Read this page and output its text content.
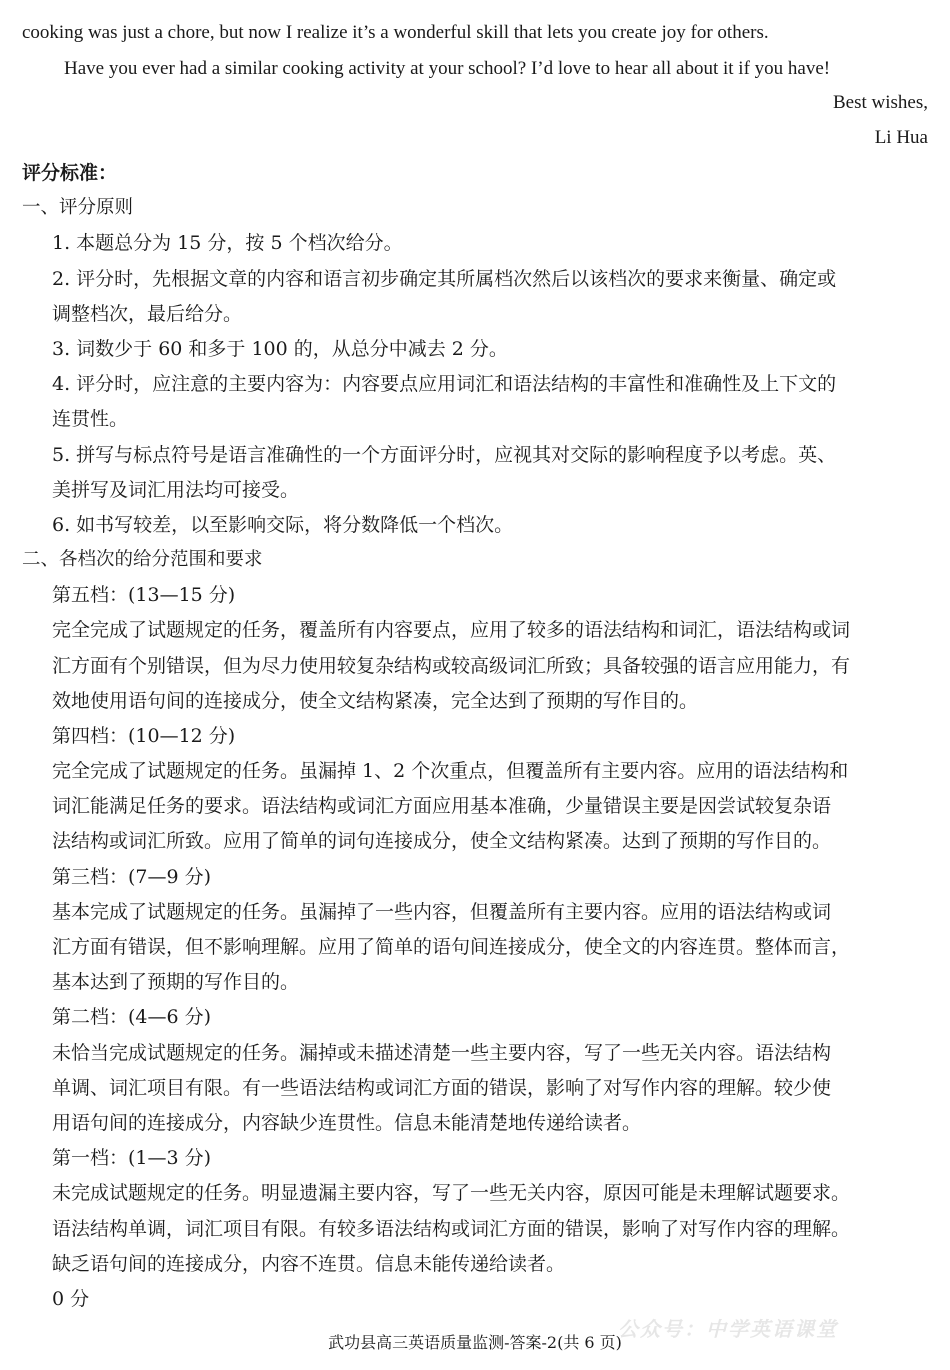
cooking was just a chore, but now I realize it’s a wonderful skill that lets you create joy for others.
Have you ever had a similar cooking activity at your school? I’d love to hear all about it if you have!
Best wishes,
Li Hua
评分标准：
一、评分原则
1. 本题总分为 15 分，按 5 个档次给分。
2. 评分时，先根据文章的内容和语言初步确定其所属档次然后以该档次的要求来衡量、确定或
调整档次，最后给分。
3. 词数少于 60 和多于 100 的，从总分中减去 2 分。
4. 评分时，应注意的主要内容为：内容要点应用词汇和语法结构的丰富性和准确性及上下文的
连贯性。
5. 拼写与标点符号是语言准确性的一个方面评分时，应视其对交际的影响程度予以考虑。英、
美拼写及词汇用法均可接受。
6. 如书写较差，以至影响交际，将分数降低一个档次。
二、各档次的给分范围和要求
第五档：(13—15 分)
完全完成了试题规定的任务，覆盖所有内容要点，应用了较多的语法结构和词汇，语法结构或词
汇方面有个别错误，但为尽力使用较复杂结构或较高级词汇所致；具备较强的语言应用能力，有
效地使用语句间的连接成分，使全文结构紧凑，完全达到了预期的写作目的。
第四档：(10—12 分)
完全完成了试题规定的任务。虽漏掉 1、2 个次重点，但覆盖所有主要内容。应用的语法结构和
词汇能满足任务的要求。语法结构或词汇方面应用基本准确，少量错误主要是因尝试较复杂语
法结构或词汇所致。应用了简单的词句连接成分，使全文结构紧凑。达到了预期的写作目的。
第三档：(7—9 分)
基本完成了试题规定的任务。虽漏掉了一些内容，但覆盖所有主要内容。应用的语法结构或词
汇方面有错误，但不影响理解。应用了简单的语句间连接成分，使全文的内容连贯。整体而言，
基本达到了预期的写作目的。
第二档：(4—6 分)
未恰当完成试题规定的任务。漏掉或未描述清楚一些主要内容，写了一些无关内容。语法结构
单调、词汇项目有限。有一些语法结构或词汇方面的错误，影响了对写作内容的理解。较少使
用语句间的连接成分，内容缺少连贯性。信息未能清楚地传递给读者。
第一档：(1—3 分)
未完成试题规定的任务。明显遗漏主要内容，写了一些无关内容，原因可能是未理解试题要求。
语法结构单调，词汇项目有限。有较多语法结构或词汇方面的错误，影响了对写作内容的理解。
缺乏语句间的连接成分，内容不连贯。信息未能传递给读者。
0 分
公众号：中学英语课堂
武功县高三英语质量监测-答案-2(共 6 页)
